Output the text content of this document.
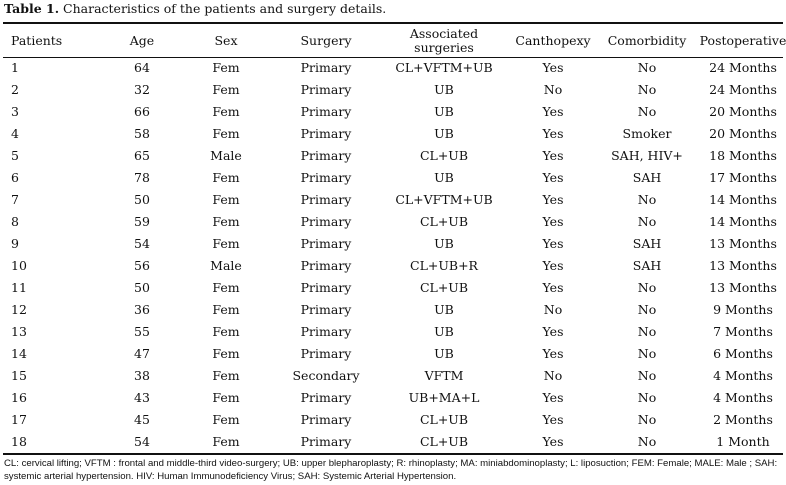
Table 1. Characteristics of the patients and surgery details.
Patients	Age	Sex	Surgery	Associated surgeries	Canthopexy	Comorbidity	Postoperative
1	64	Fem	Primary	CL+VFTM+UB	Yes	No	24 Months
2	32	Fem	Primary	UB	No	No	24 Months
3	66	Fem	Primary	UB	Yes	No	20 Months
4	58	Fem	Primary	UB	Yes	Smoker	20 Months
5	65	Male	Primary	CL+UB	Yes	SAH, HIV+	18 Months
6	78	Fem	Primary	UB	Yes	SAH	17 Months
7	50	Fem	Primary	CL+VFTM+UB	Yes	No	14 Months
8	59	Fem	Primary	CL+UB	Yes	No	14 Months
9	54	Fem	Primary	UB	Yes	SAH	13 Months
10	56	Male	Primary	CL+UB+R	Yes	SAH	13 Months
11	50	Fem	Primary	CL+UB	Yes	No	13 Months
12	36	Fem	Primary	UB	No	No	9 Months
13	55	Fem	Primary	UB	Yes	No	7 Months
14	47	Fem	Primary	UB	Yes	No	6 Months
15	38	Fem	Secondary	VFTM	No	No	4 Months
16	43	Fem	Primary	UB+MA+L	Yes	No	4 Months
17	45	Fem	Primary	CL+UB	Yes	No	2 Months
18	54	Fem	Primary	CL+UB	Yes	No	1 Month
CL: cervical lifting; VFTM : frontal and middle-third video-surgery; UB: upper blepharoplasty; R: rhinoplasty; MA: miniabdominoplasty; L: liposuction; FEM: Female; MALE: Male ; SAH: systemic arterial hypertension. HIV: Human Immunodeficiency Virus; SAH: Systemic Arterial Hypertension.
